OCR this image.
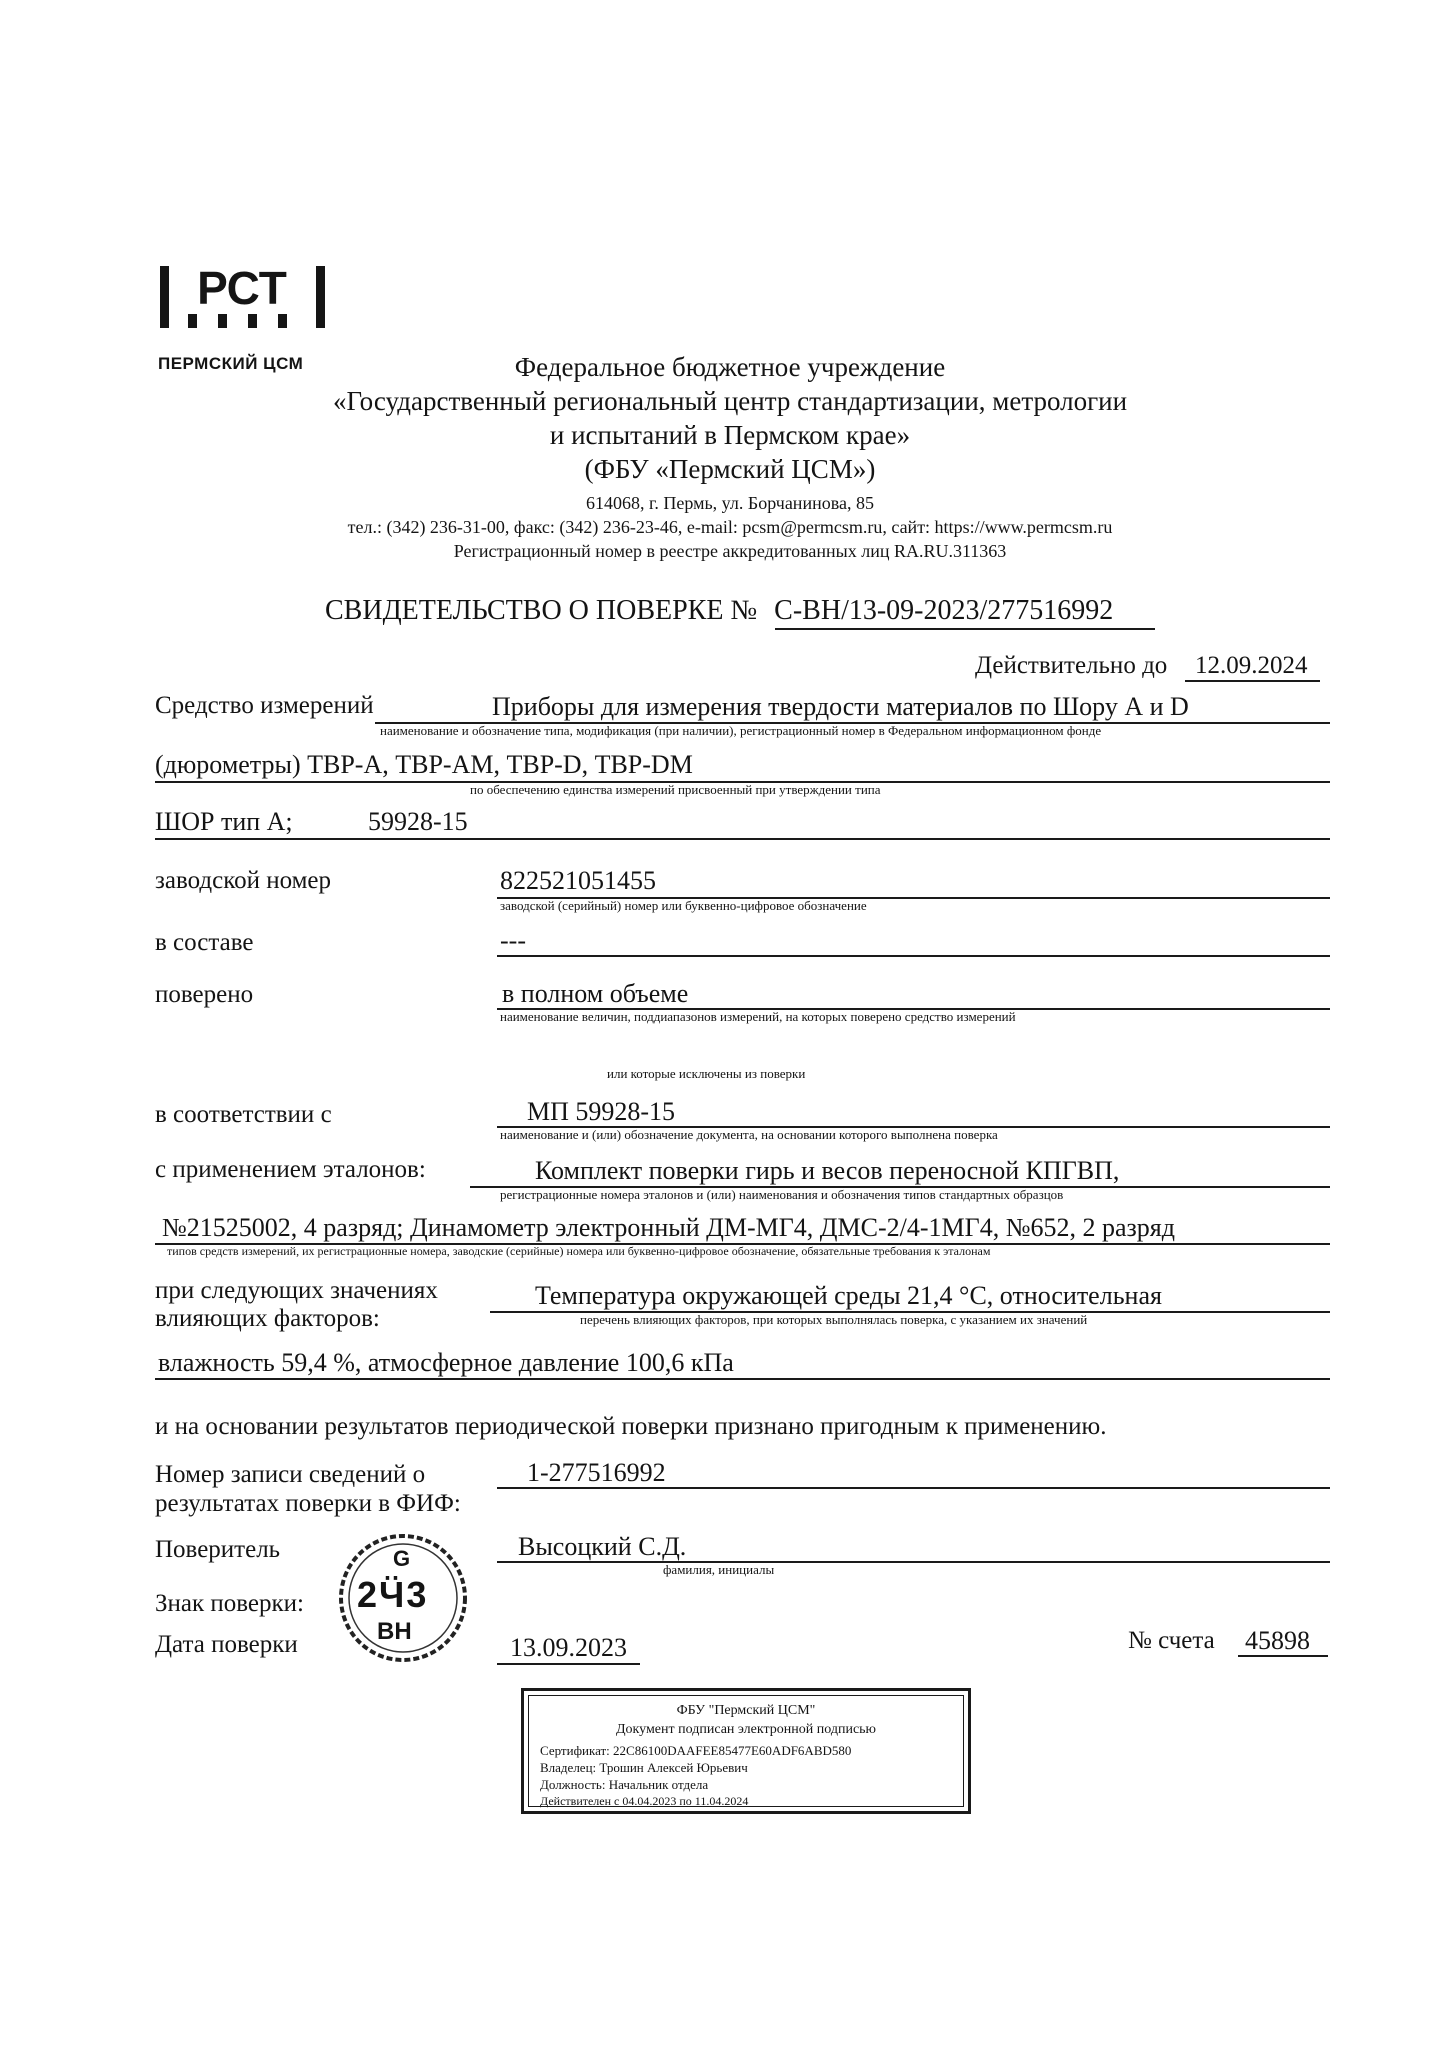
РСТ
ПЕРМСКИЙ ЦСМ	Федеральное бюджетное учреждение
«Государственный региональный центр стандартизации, метрологии
и испытаний в Пермском крае»
(ФБУ «Пермский ЦСМ»)
614068, г. Пермь, ул. Борчанинова, 85
тел.: (342) 236-31-00, факс: (342) 236-23-46, e-mail: pcsm@permcsm.ru, сайт: https://www.permcsm.ru
Регистрационный номер в реестре аккредитованных лиц RA.RU.311363
СВИДЕТЕЛЬСТВО О ПОВЕРКЕ № С-ВН/13-09-2023/277516992
Действительно до 12.09.2024
Средство измерений	Приборы для измерения твердости материалов по Шору А и D
наименование и обозначение типа, модификация (при наличии), регистрационный номер в Федеральном информационном фонде
(дюрометры) ТВР-А, ТВР-АМ, ТВР-D, ТВР-DM
по обеспечению единства измерений присвоенный при утверждении типа
ШОР тип А;	59928-15
заводской номер	822521051455
заводской (серийный) номер или буквенно-цифровое обозначение
в составе	---
поверено	в полном объеме
наименование величин, поддиапазонов измерений, на которых поверено средство измерений
или которые исключены из поверки
в соответствии с	МП 59928-15
наименование и (или) обозначение документа, на основании которого выполнена поверка
с применением эталонов:	Комплект поверки гирь и весов переносной КПГВП,
регистрационные номера эталонов и (или) наименования и обозначения типов стандартных образцов
№21525002, 4 разряд; Динамометр электронный ДМ-МГ4, ДМС-2/4-1МГ4, №652, 2 разряд
типов средств измерений, их регистрационные номера, заводские (серийные) номера или буквенно-цифровое обозначение, обязательные требования к эталонам
при следующих значениях
влияющих факторов:
Температура окружающей среды 21,4 °С, относительная
перечень влияющих факторов, при которых выполнялась поверка, с указанием их значений
влажность 59,4 %, атмосферное давление 100,6 кПа
и на основании результатов периодической поверки признано пригодным к применению.
Номер записи сведений о
результатах поверки в ФИФ:
1-277516992
Поверитель	Высоцкий С.Д.
фамилия, инициалы
Знак поверки:
G
2Ӵ3
ВН
Дата поверки	13.09.2023	№ счета 45898
ФБУ "Пермский ЦСМ"
Документ подписан электронной подписью
Сертификат: 22C86100DAAFEE85477E60ADF6ABD580
Владелец: Трошин Алексей Юрьевич
Должность: Начальник отдела
Действителен с 04.04.2023 по 11.04.2024
